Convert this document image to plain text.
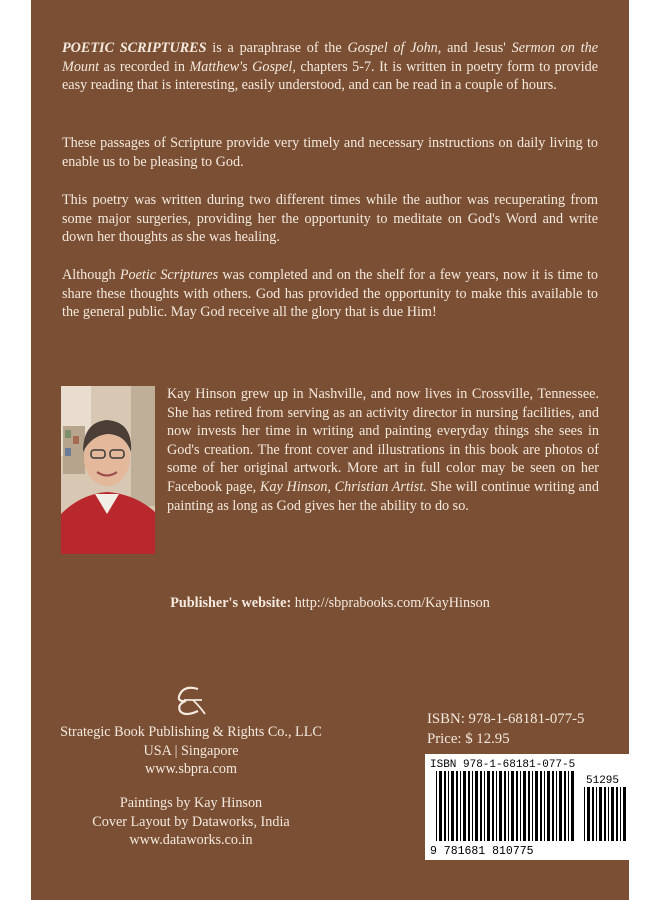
POETIC SCRIPTURES is a paraphrase of the Gospel of John, and Jesus' Sermon on the Mount as recorded in Matthew's Gospel, chapters 5-7. It is written in poetry form to provide easy reading that is interesting, easily understood, and can be read in a couple of hours.

These passages of Scripture provide very timely and necessary instructions on daily living to enable us to be pleasing to God.

This poetry was written during two different times while the author was recuperating from some major surgeries, providing her the opportunity to meditate on God's Word and write down her thoughts as she was healing.

Although Poetic Scriptures was completed and on the shelf for a few years, now it is time to share these thoughts with others. God has provided the opportunity to make this available to the general public. May God receive all the glory that is due Him!

Kay Hinson grew up in Nashville, and now lives in Crossville, Tennessee. She has retired from serving as an activity director in nursing facilities, and now invests her time in writing and painting everyday things she sees in God's creation. The front cover and illustrations in this book are photos of some of her original artwork. More art in full color may be seen on her Facebook page, Kay Hinson, Christian Artist. She will continue writing and painting as long as God gives her the ability to do so.

Publisher's website: http://sbprabooks.com/KayHinson
Strategic Book Publishing & Rights Co., LLC
USA | Singapore
www.sbpra.com
Paintings by Kay Hinson
Cover Layout by Dataworks, India
www.dataworks.co.in
ISBN: 978-1-68181-077-5
Price: $ 12.95
ISBN 978-1-68181-077-5
51295
9 781681 810775
